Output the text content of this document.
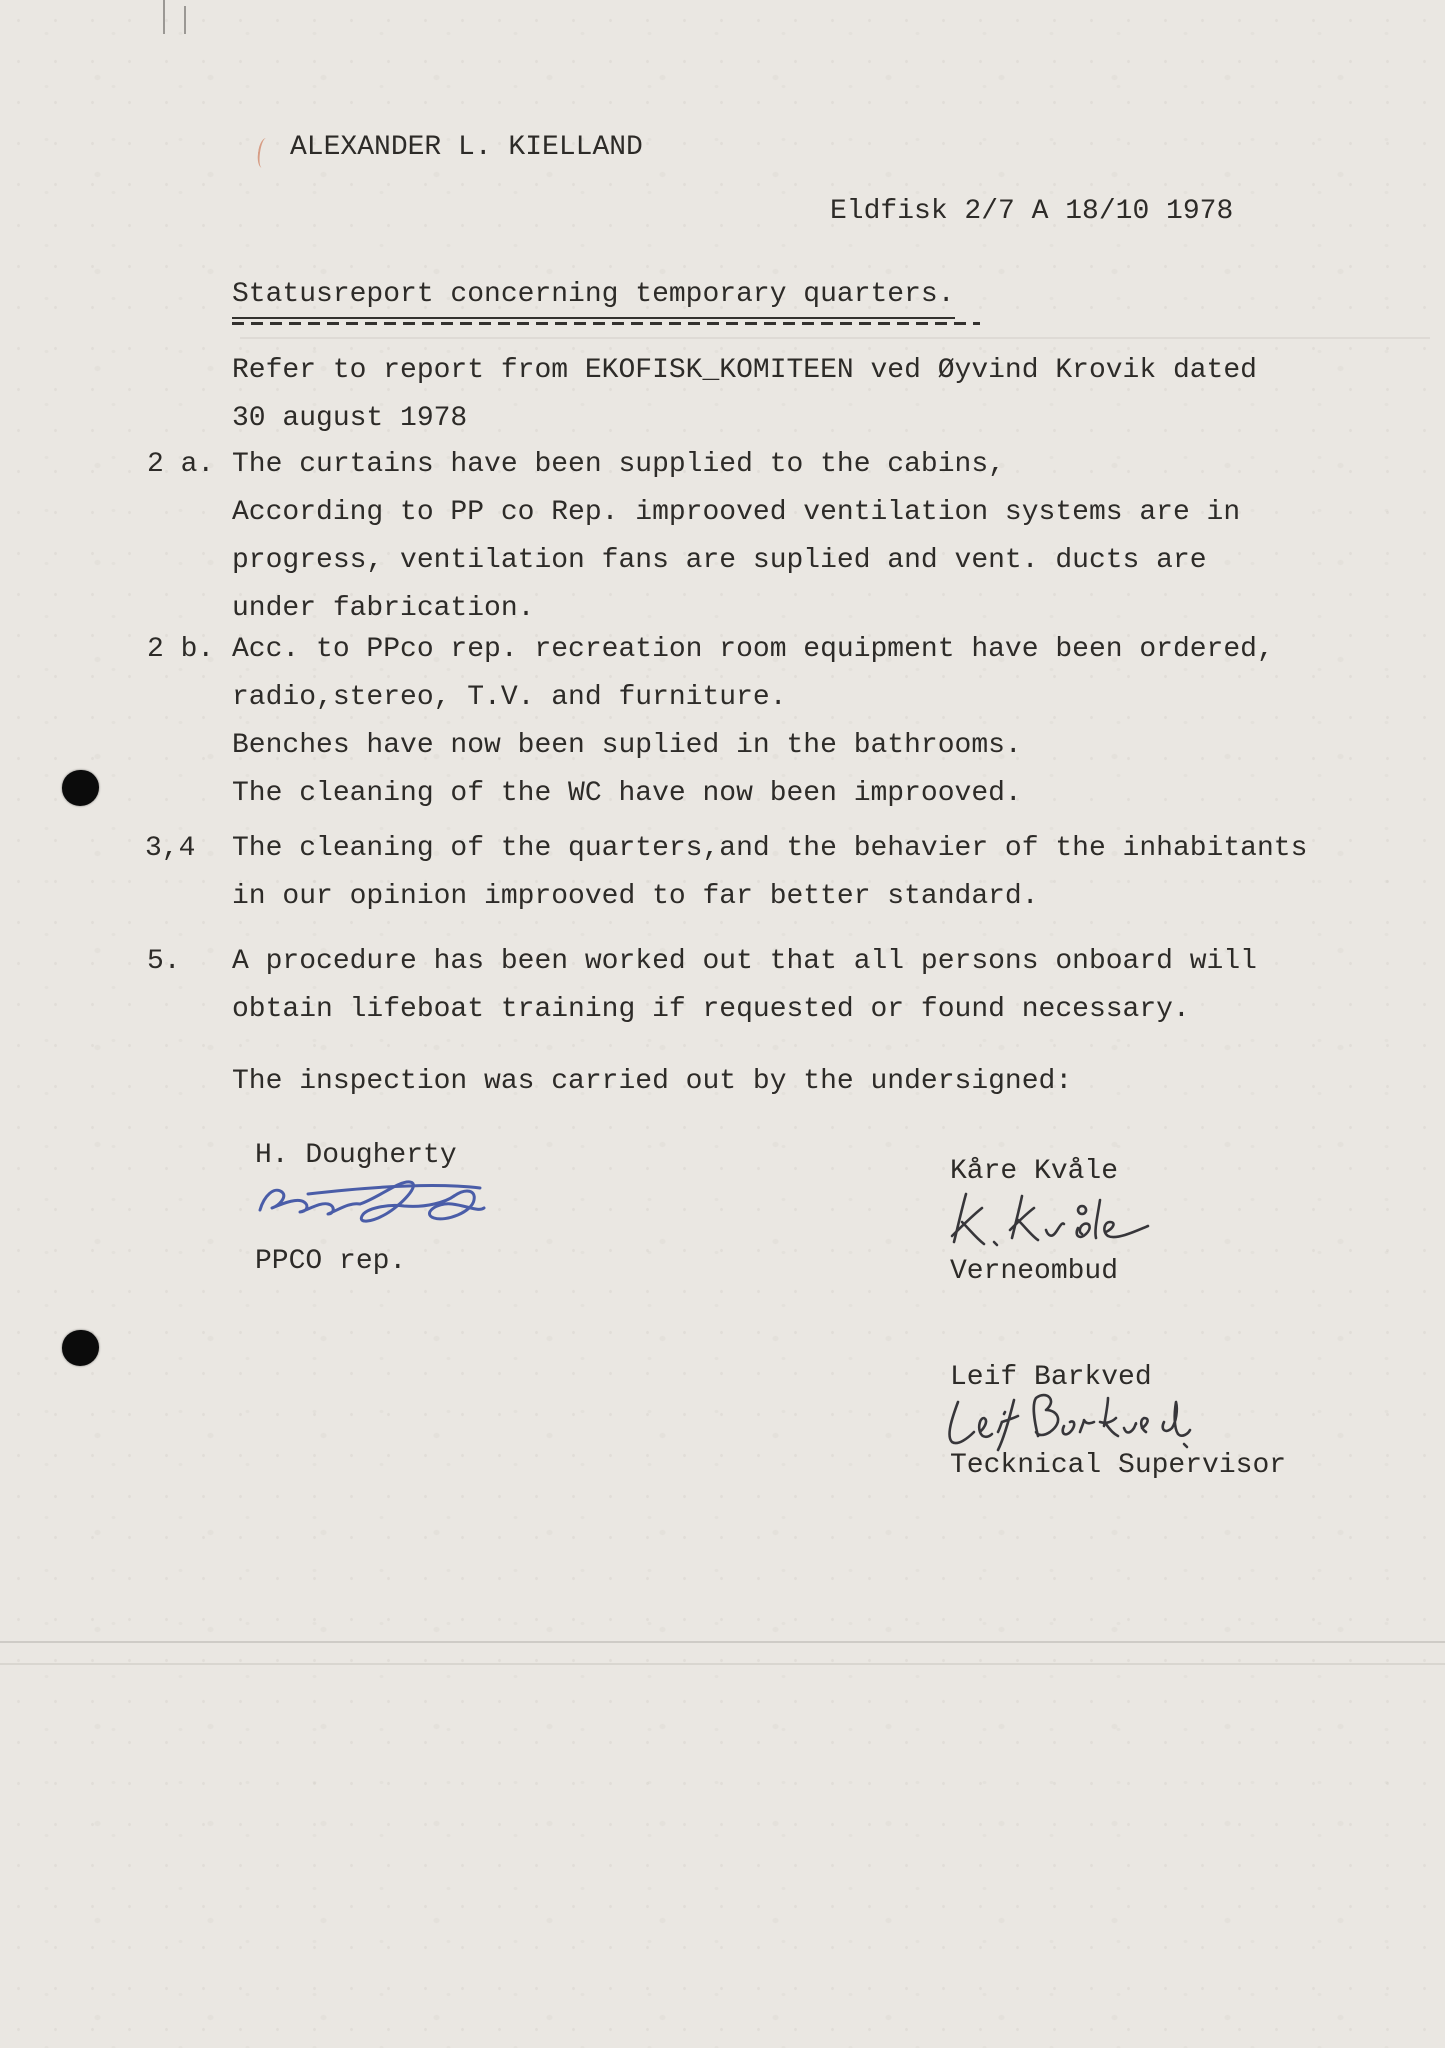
ALEXANDER L. KIELLAND
Eldfisk 2/7 A 18/10 1978
Statusreport concerning temporary quarters.
Refer to report from EKOFISK_KOMITEEN ved Øyvind Krovik dated
30 august 1978
2 a. The curtains have been supplied to the cabins,
According to PP co Rep. improoved ventilation systems are in
progress, ventilation fans are suplied and vent. ducts are
under fabrication.
2 b. Acc. to PPco rep. recreation room equipment have been ordered,
radio,stereo, T.V. and furniture.
Benches have now been suplied in the bathrooms.
The cleaning of the WC have now been improoved.
3,4 The cleaning of the quarters,and the behavier of the inhabitants
in our opinion improoved to far better standard.
5. A procedure has been worked out that all persons onboard will
obtain lifeboat training if requested or found necessary.
The inspection was carried out by the undersigned:
H. Dougherty
PPCO rep.
Kåre Kvåle
Verneombud
Leif Barkved
Tecknical Supervisor
